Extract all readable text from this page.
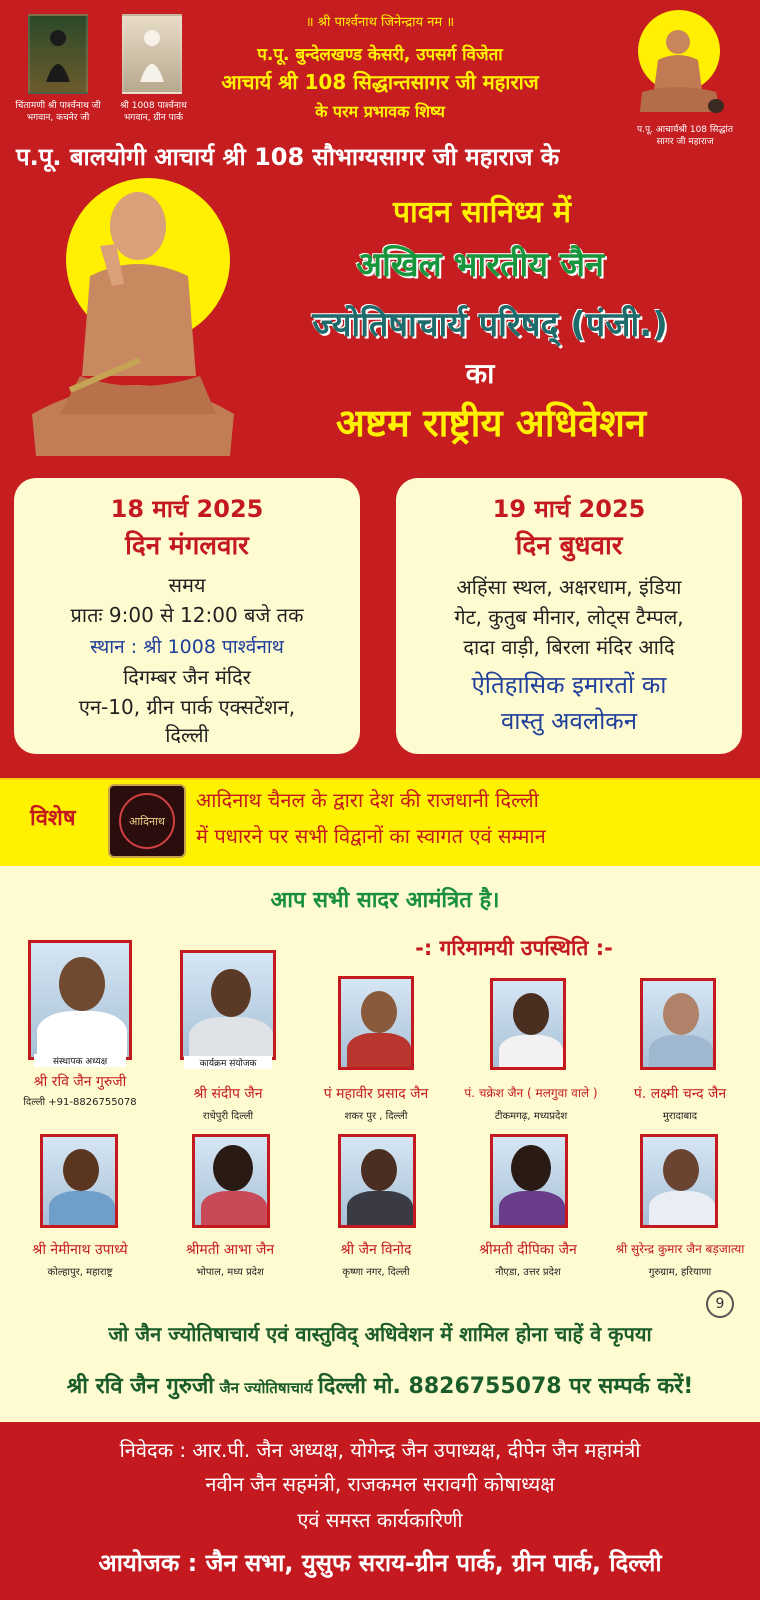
चिंतामणी श्री पार्श्वनाथ जी भगवान, कचनेर जी
श्री 1008 पार्श्वनाथ भगवान, ग्रीन पार्क
प.पू. आचार्यश्री 108 सिद्धांत सागर जी महाराज
॥ श्री पार्श्वनाथ जिनेन्द्राय नम ॥
प.पू. बुन्देलखण्ड केसरी, उपसर्ग विजेता
आचार्य श्री 108 सिद्धान्तसागर जी महाराज
के परम प्रभावक शिष्य
प.पू. बालयोगी आचार्य श्री 108 सौभाग्यसागर जी महाराज के
पावन सानिध्य में
अखिल भारतीय जैन
ज्योतिषाचार्य परिषद् (पंजी.)
का
अष्टम राष्ट्रीय अधिवेशन
18 मार्च 2025
दिन मंगलवार
समय
प्रातः 9:00 से 12:00 बजे तक
स्थान : श्री 1008 पार्श्वनाथ
दिगम्बर जैन मंदिर
एन-10, ग्रीन पार्क एक्सटेंशन,
दिल्ली
19 मार्च 2025
दिन बुधवार
अहिंसा स्थल, अक्षरधाम, इंडिया
गेट, कुतुब मीनार, लोट्स टैम्पल,
दादा वाड़ी, बिरला मंदिर आदि
ऐतिहासिक इमारतों का
वास्तु अवलोकन
विशेष	आदिनाथ
आदिनाथ चैनल के द्वारा देश की राजधानी दिल्ली
में पधारने पर सभी विद्वानों का स्वागत एवं सम्मान
आप सभी सादर आमंत्रित है।
-: गरिमामयी उपस्थिति :-
संस्थापक अध्यक्ष
श्री रवि जैन गुरुजी
दिल्ली +91-8826755078
कार्यक्रम संयोजक
श्री संदीप जैन
राधेपुरी दिल्ली
पं महावीर प्रसाद जैन
शकर पुर , दिल्ली
पं. चक्रेश जैन ( मलगुवा वाले )
टीकमगढ़, मध्यप्रदेश
पं. लक्ष्मी चन्द जैन
मुरादाबाद
श्री नेमीनाथ उपाध्ये
कोल्हापुर, महाराष्ट्र
श्रीमती आभा जैन
भोपाल, मध्य प्रदेश
श्री जैन विनोद
कृष्णा नगर, दिल्ली
श्रीमती दीपिका जैन
नौएडा, उत्तर प्रदेश
श्री सुरेन्द्र कुमार जैन बड़जात्या
गुरुग्राम, हरियाणा
9
जो जैन ज्योतिषाचार्य एवं वास्तुविद् अधिवेशन में शामिल होना चाहें वे कृपया
श्री रवि जैन गुरुजी जैन ज्योतिषाचार्य दिल्ली मो. 8826755078 पर सम्पर्क करें!
निवेदक : आर.पी. जैन अध्यक्ष, योगेन्द्र जैन उपाध्यक्ष, दीपेन जैन महामंत्री
नवीन जैन सहमंत्री, राजकमल सरावगी कोषाध्यक्ष
एवं समस्त कार्यकारिणी
आयोजक : जैन सभा, युसुफ सराय-ग्रीन पार्क, ग्रीन पार्क, दिल्ली
